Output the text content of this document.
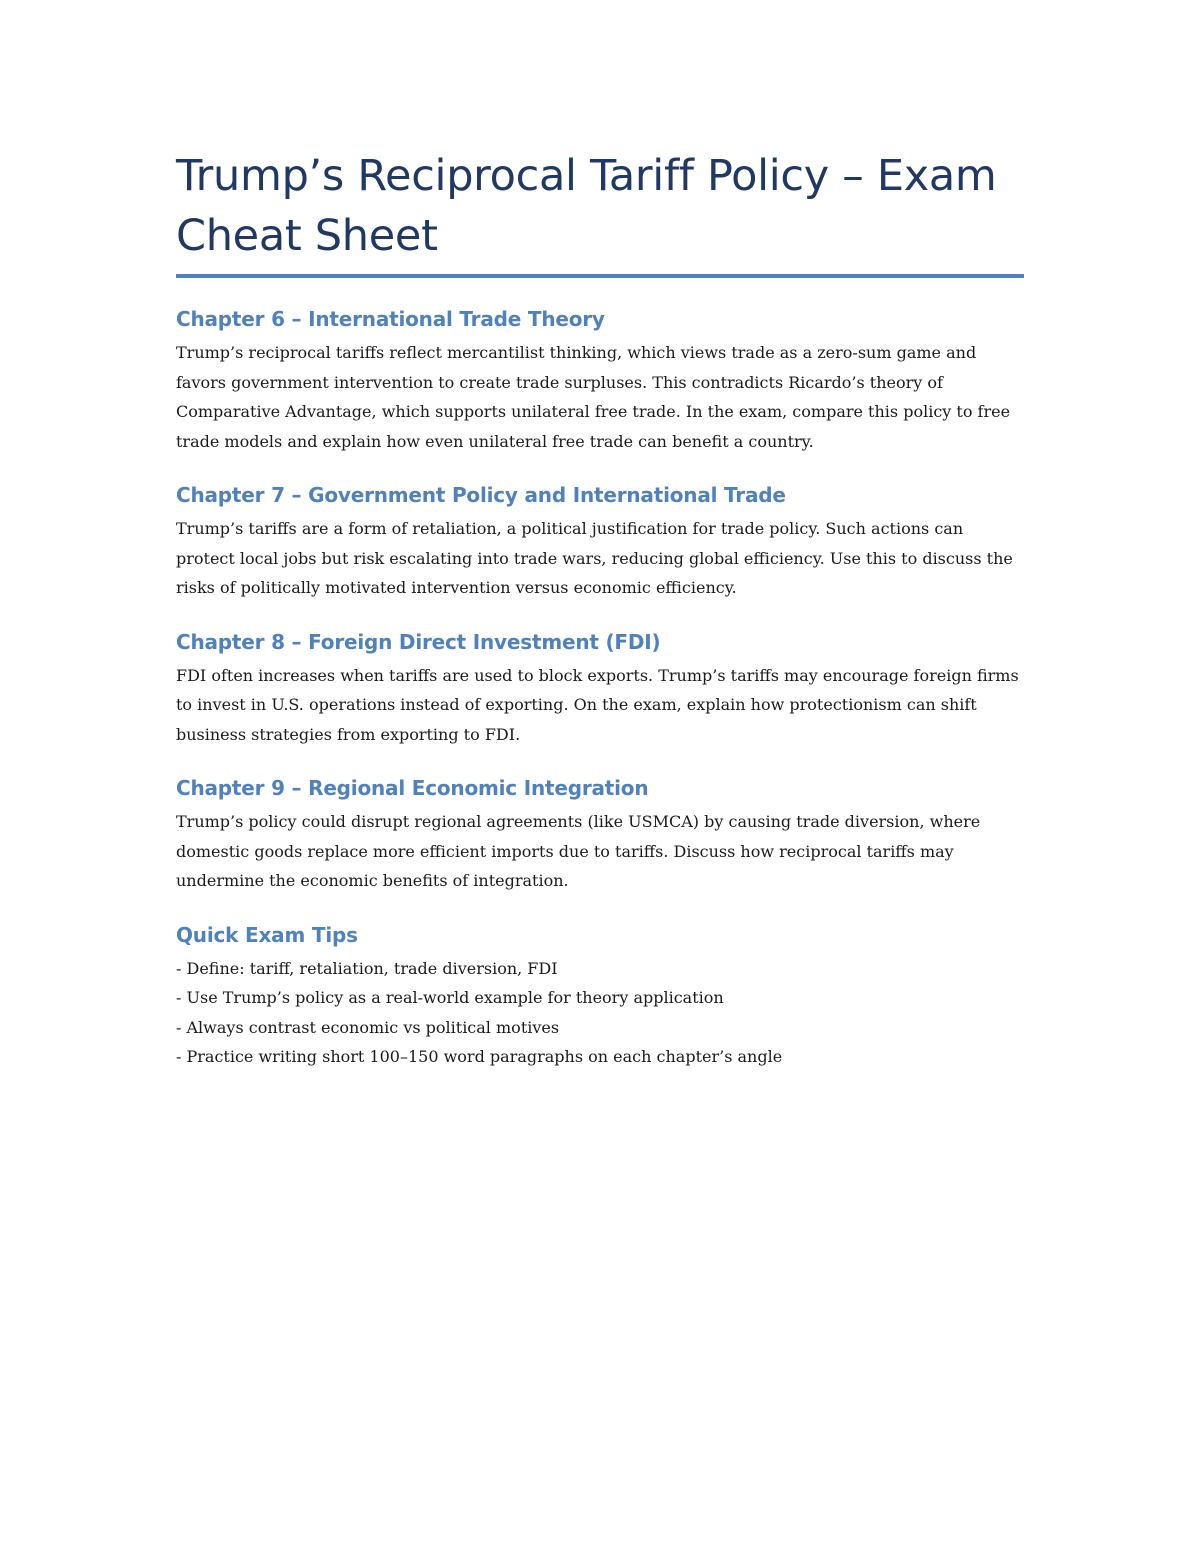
Trump’s Reciprocal Tariff Policy – Exam Cheat Sheet
Chapter 6 – International Trade Theory

Trump’s reciprocal tariffs reflect mercantilist thinking, which views trade as a zero-sum game and favors government intervention to create trade surpluses. This contradicts Ricardo’s theory of Comparative Advantage, which supports unilateral free trade. In the exam, compare this policy to free trade models and explain how even unilateral free trade can benefit a country.

Chapter 7 – Government Policy and International Trade

Trump’s tariffs are a form of retaliation, a political justification for trade policy. Such actions can protect local jobs but risk escalating into trade wars, reducing global efficiency. Use this to discuss the risks of politically motivated intervention versus economic efficiency.

Chapter 8 – Foreign Direct Investment (FDI)

FDI often increases when tariffs are used to block exports. Trump’s tariffs may encourage foreign firms to invest in U.S. operations instead of exporting. On the exam, explain how protectionism can shift business strategies from exporting to FDI.

Chapter 9 – Regional Economic Integration

Trump’s policy could disrupt regional agreements (like USMCA) by causing trade diversion, where domestic goods replace more efficient imports due to tariffs. Discuss how reciprocal tariffs may undermine the economic benefits of integration.

Quick Exam Tips
- Define: tariff, retaliation, trade diversion, FDI
- Use Trump’s policy as a real-world example for theory application
- Always contrast economic vs political motives
- Practice writing short 100–150 word paragraphs on each chapter’s angle
